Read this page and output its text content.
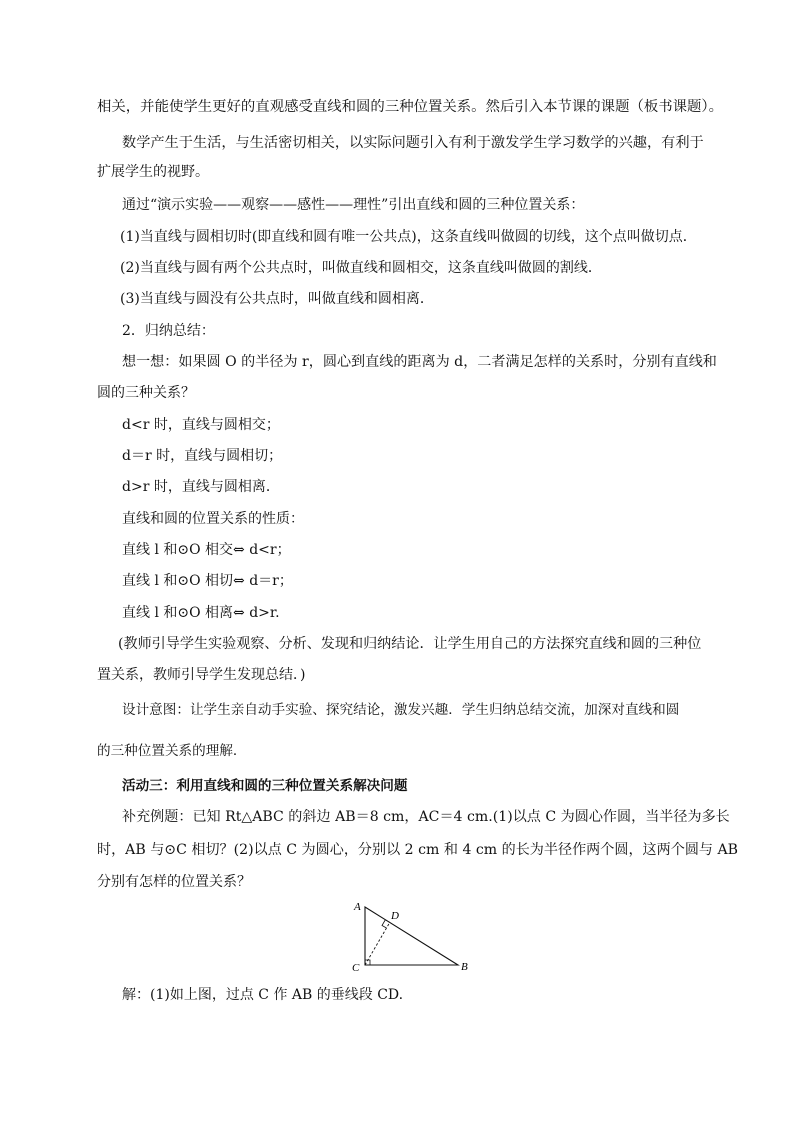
相关，并能使学生更好的直观感受直线和圆的三种位置关系。然后引入本节课的课题（板书课题）。
数学产生于生活，与生活密切相关，以实际问题引入有利于激发学生学习数学的兴趣，有利于
扩展学生的视野。
通过“演示实验——观察——感性——理性”引出直线和圆的三种位置关系：
(1)当直线与圆相切时(即直线和圆有唯一公共点)，这条直线叫做圆的切线，这个点叫做切点．
(2)当直线与圆有两个公共点时，叫做直线和圆相交，这条直线叫做圆的割线．
(3)当直线与圆没有公共点时，叫做直线和圆相离．
2．归纳总结：
想一想：如果圆 O 的半径为 r，圆心到直线的距离为 d，二者满足怎样的关系时，分别有直线和
圆的三种关系？
d<r 时，直线与圆相交；
d＝r 时，直线与圆相切；
d>r 时，直线与圆相离．
直线和圆的位置关系的性质：
直线 l 和⊙O 相交⇔ d<r；
直线 l 和⊙O 相切⇔ d＝r；
直线 l 和⊙O 相离⇔ d>r.
(教师引导学生实验观察、分析、发现和归纳结论．让学生用自己的方法探究直线和圆的三种位
置关系，教师引导学生发现总结．)
设计意图：让学生亲自动手实验、探究结论，激发兴趣．学生归纳总结交流，加深对直线和圆
的三种位置关系的理解．
活动三：利用直线和圆的三种位置关系解决问题
补充例题：已知 Rt△ABC 的斜边 AB＝8 cm，AC＝4 cm.(1)以点 C 为圆心作圆，当半径为多长
时，AB 与⊙C 相切？(2)以点 C 为圆心，分别以 2 cm 和 4 cm 的长为半径作两个圆，这两个圆与 AB
分别有怎样的位置关系？
A
B
C
D
解：(1)如上图，过点 C 作 AB 的垂线段 CD.
